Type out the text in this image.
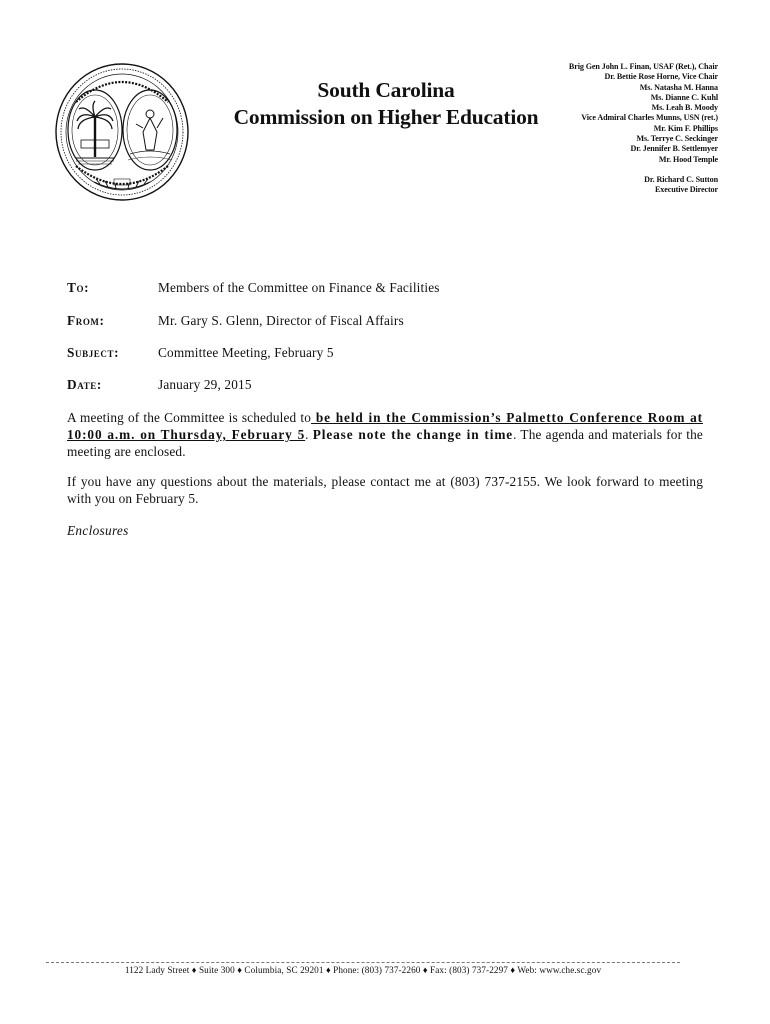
South Carolina
Commission on Higher Education
Brig Gen John L. Finan, USAF (Ret.), Chair
Dr. Bettie Rose Horne, Vice Chair
Ms. Natasha M. Hanna
Ms. Dianne C. Kuhl
Ms. Leah B. Moody
Vice Admiral Charles Munns, USN (ret.)
Mr. Kim F. Phillips
Ms. Terrye C. Seckinger
Dr. Jennifer B. Settlemyer
Mr. Hood Temple
Dr. Richard C. Sutton
Executive Director
To:	Members of the Committee on Finance & Facilities
From:	Mr. Gary S. Glenn, Director of Fiscal Affairs
Subject:	Committee Meeting, February 5
Date:	January 29, 2015
A meeting of the Committee is scheduled to be held in the Commission’s Palmetto Conference Room at 10:00 a.m. on Thursday, February 5. Please note the change in time. The agenda and materials for the meeting are enclosed.
If you have any questions about the materials, please contact me at (803) 737-2155. We look forward to meeting with you on February 5.
Enclosures
1122 Lady Street ♦ Suite 300 ♦ Columbia, SC 29201 ♦ Phone: (803) 737-2260 ♦ Fax: (803) 737-2297 ♦ Web: www.che.sc.gov
